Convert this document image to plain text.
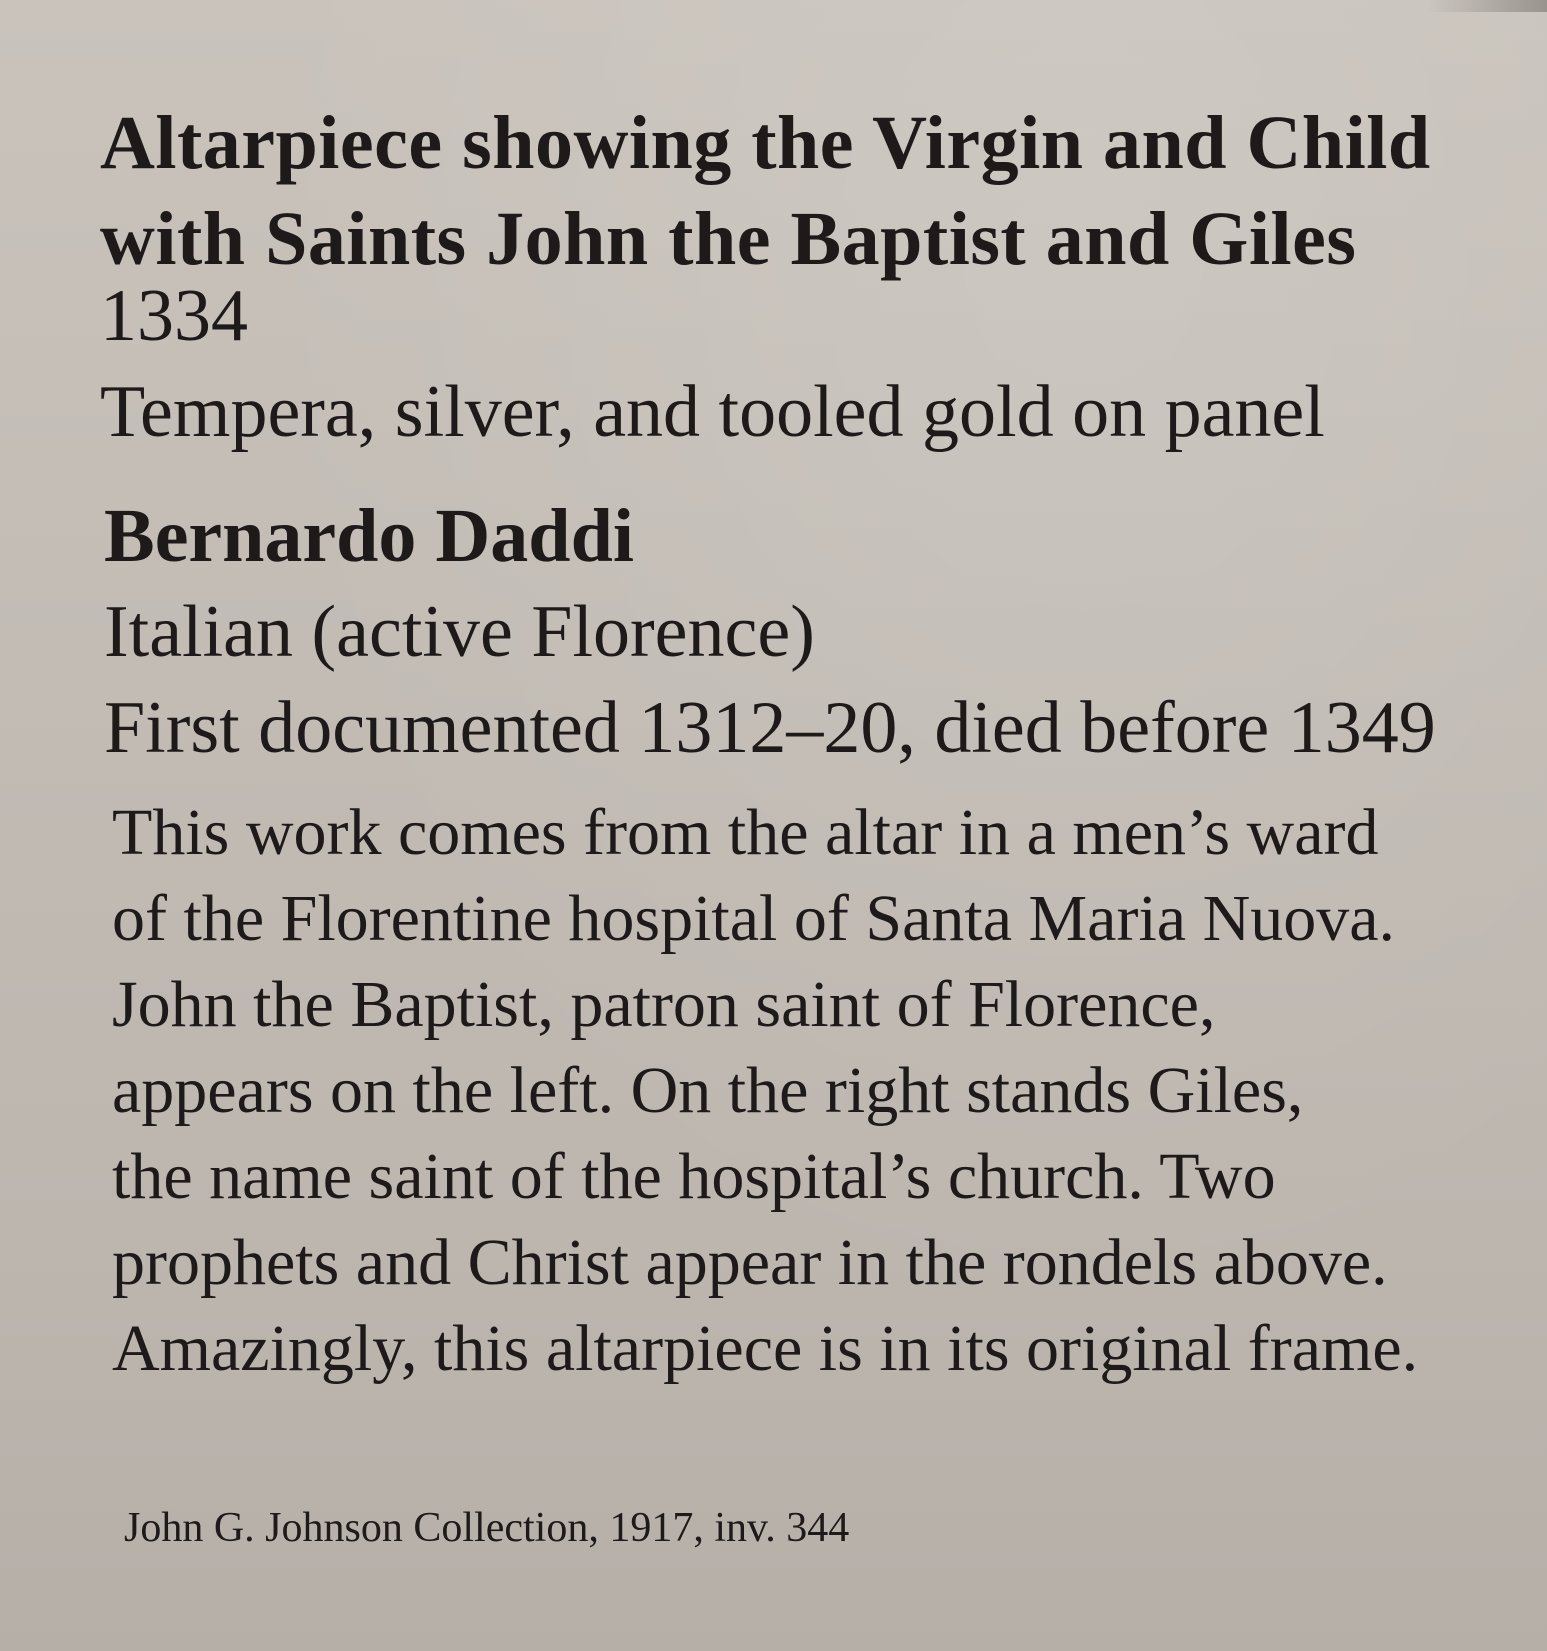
Altarpiece showing the Virgin and Child
with Saints John the Baptist and Giles
1334
Tempera, silver, and tooled gold on panel
Bernardo Daddi
Italian (active Florence)
First documented 1312–20, died before 1349
This work comes from the altar in a men’s ward
of the Florentine hospital of Santa Maria Nuova.
John the Baptist, patron saint of Florence,
appears on the left. On the right stands Giles,
the name saint of the hospital’s church. Two
prophets and Christ appear in the rondels above.
Amazingly, this altarpiece is in its original frame.
John G. Johnson Collection, 1917, inv. 344
